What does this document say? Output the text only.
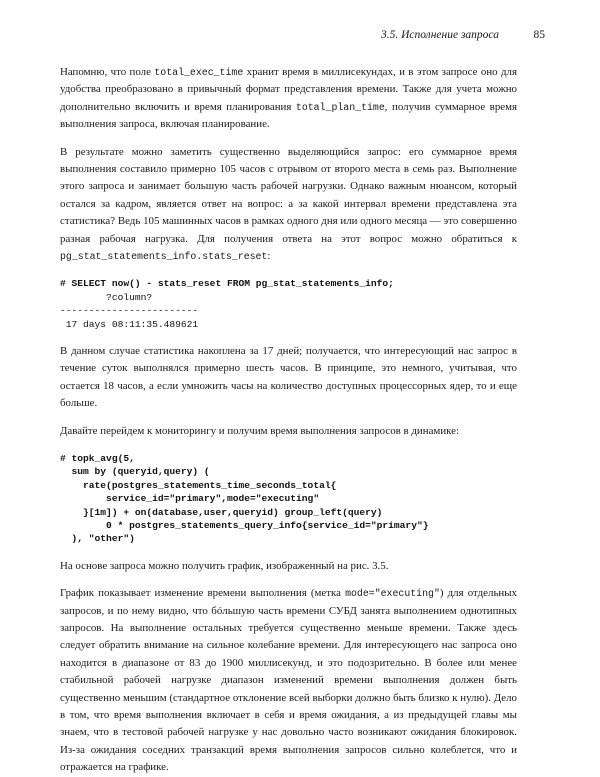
3.5. Исполнение запроса	85

Напомню, что поле total_exec_time хранит время в миллисекундах, и в этом запросе оно для удобства преобразовано в привычный формат представления времени. Также для учета можно дополнительно включить и время планирования total_plan_time, получив суммарное время выполнения запроса, включая планирование.

В результате можно заметить существенно выделяющийся запрос: его суммарное время выполнения составило примерно 105 часов с отрывом от второго места в семь раз. Выполнение этого запроса и занимает большую часть рабочей нагрузки. Однако важным нюансом, который остался за кадром, является ответ на вопрос: а за какой интервал времени представлена эта статистика? Ведь 105 машинных часов в рамках одного дня или одного месяца — это совершенно разная рабочая нагрузка. Для получения ответа на этот вопрос можно обратиться к pg_stat_statements_info.stats_reset:

# SELECT now() - stats_reset FROM pg_stat_statements_info;
?column?
------------------------
17 days 08:11:35.489621

В данном случае статистика накоплена за 17 дней; получается, что интересующий нас запрос в течение суток выполнялся примерно шесть часов. В принципе, это немного, учитывая, что остается 18 часов, а если умножить часы на количество доступных процессорных ядер, то и еще больше.

Давайте перейдем к мониторингу и получим время выполнения запросов в динамике:

# topk_avg(5,
sum by (queryid,query) (
rate(postgres_statements_time_seconds_total{
service_id="primary",mode="executing"
}[1m]) + on(database,user,queryid) group_left(query)
0 * postgres_statements_query_info{service_id="primary"}
), "other")

На основе запроса можно получить график, изображенный на рис. 3.5.

График показывает изменение времени выполнения (метка mode="executing") для отдельных запросов, и по нему видно, что бóльшую часть времени СУБД занята выполнением однотипных запросов. На выполнение остальных требуется существенно меньше времени. Также здесь следует обратить внимание на сильное колебание времени. Для интересующего нас запроса оно находится в диапазоне от 83 до 1900 миллисекунд, и это подозрительно. В более или менее стабильной рабочей нагрузке диапазон изменений времени выполнения должен быть существенно меньшим (стандартное отклонение всей выборки должно быть близко к нулю). Дело в том, что время выполнения включает в себя и время ожидания, а из предыдущей главы мы знаем, что в тестовой рабочей нагрузке у нас довольно часто возникают ожидания блокировок. Из-за ожидания соседних транзакций время выполнения запросов сильно колеблется, что и отражается на графике.
